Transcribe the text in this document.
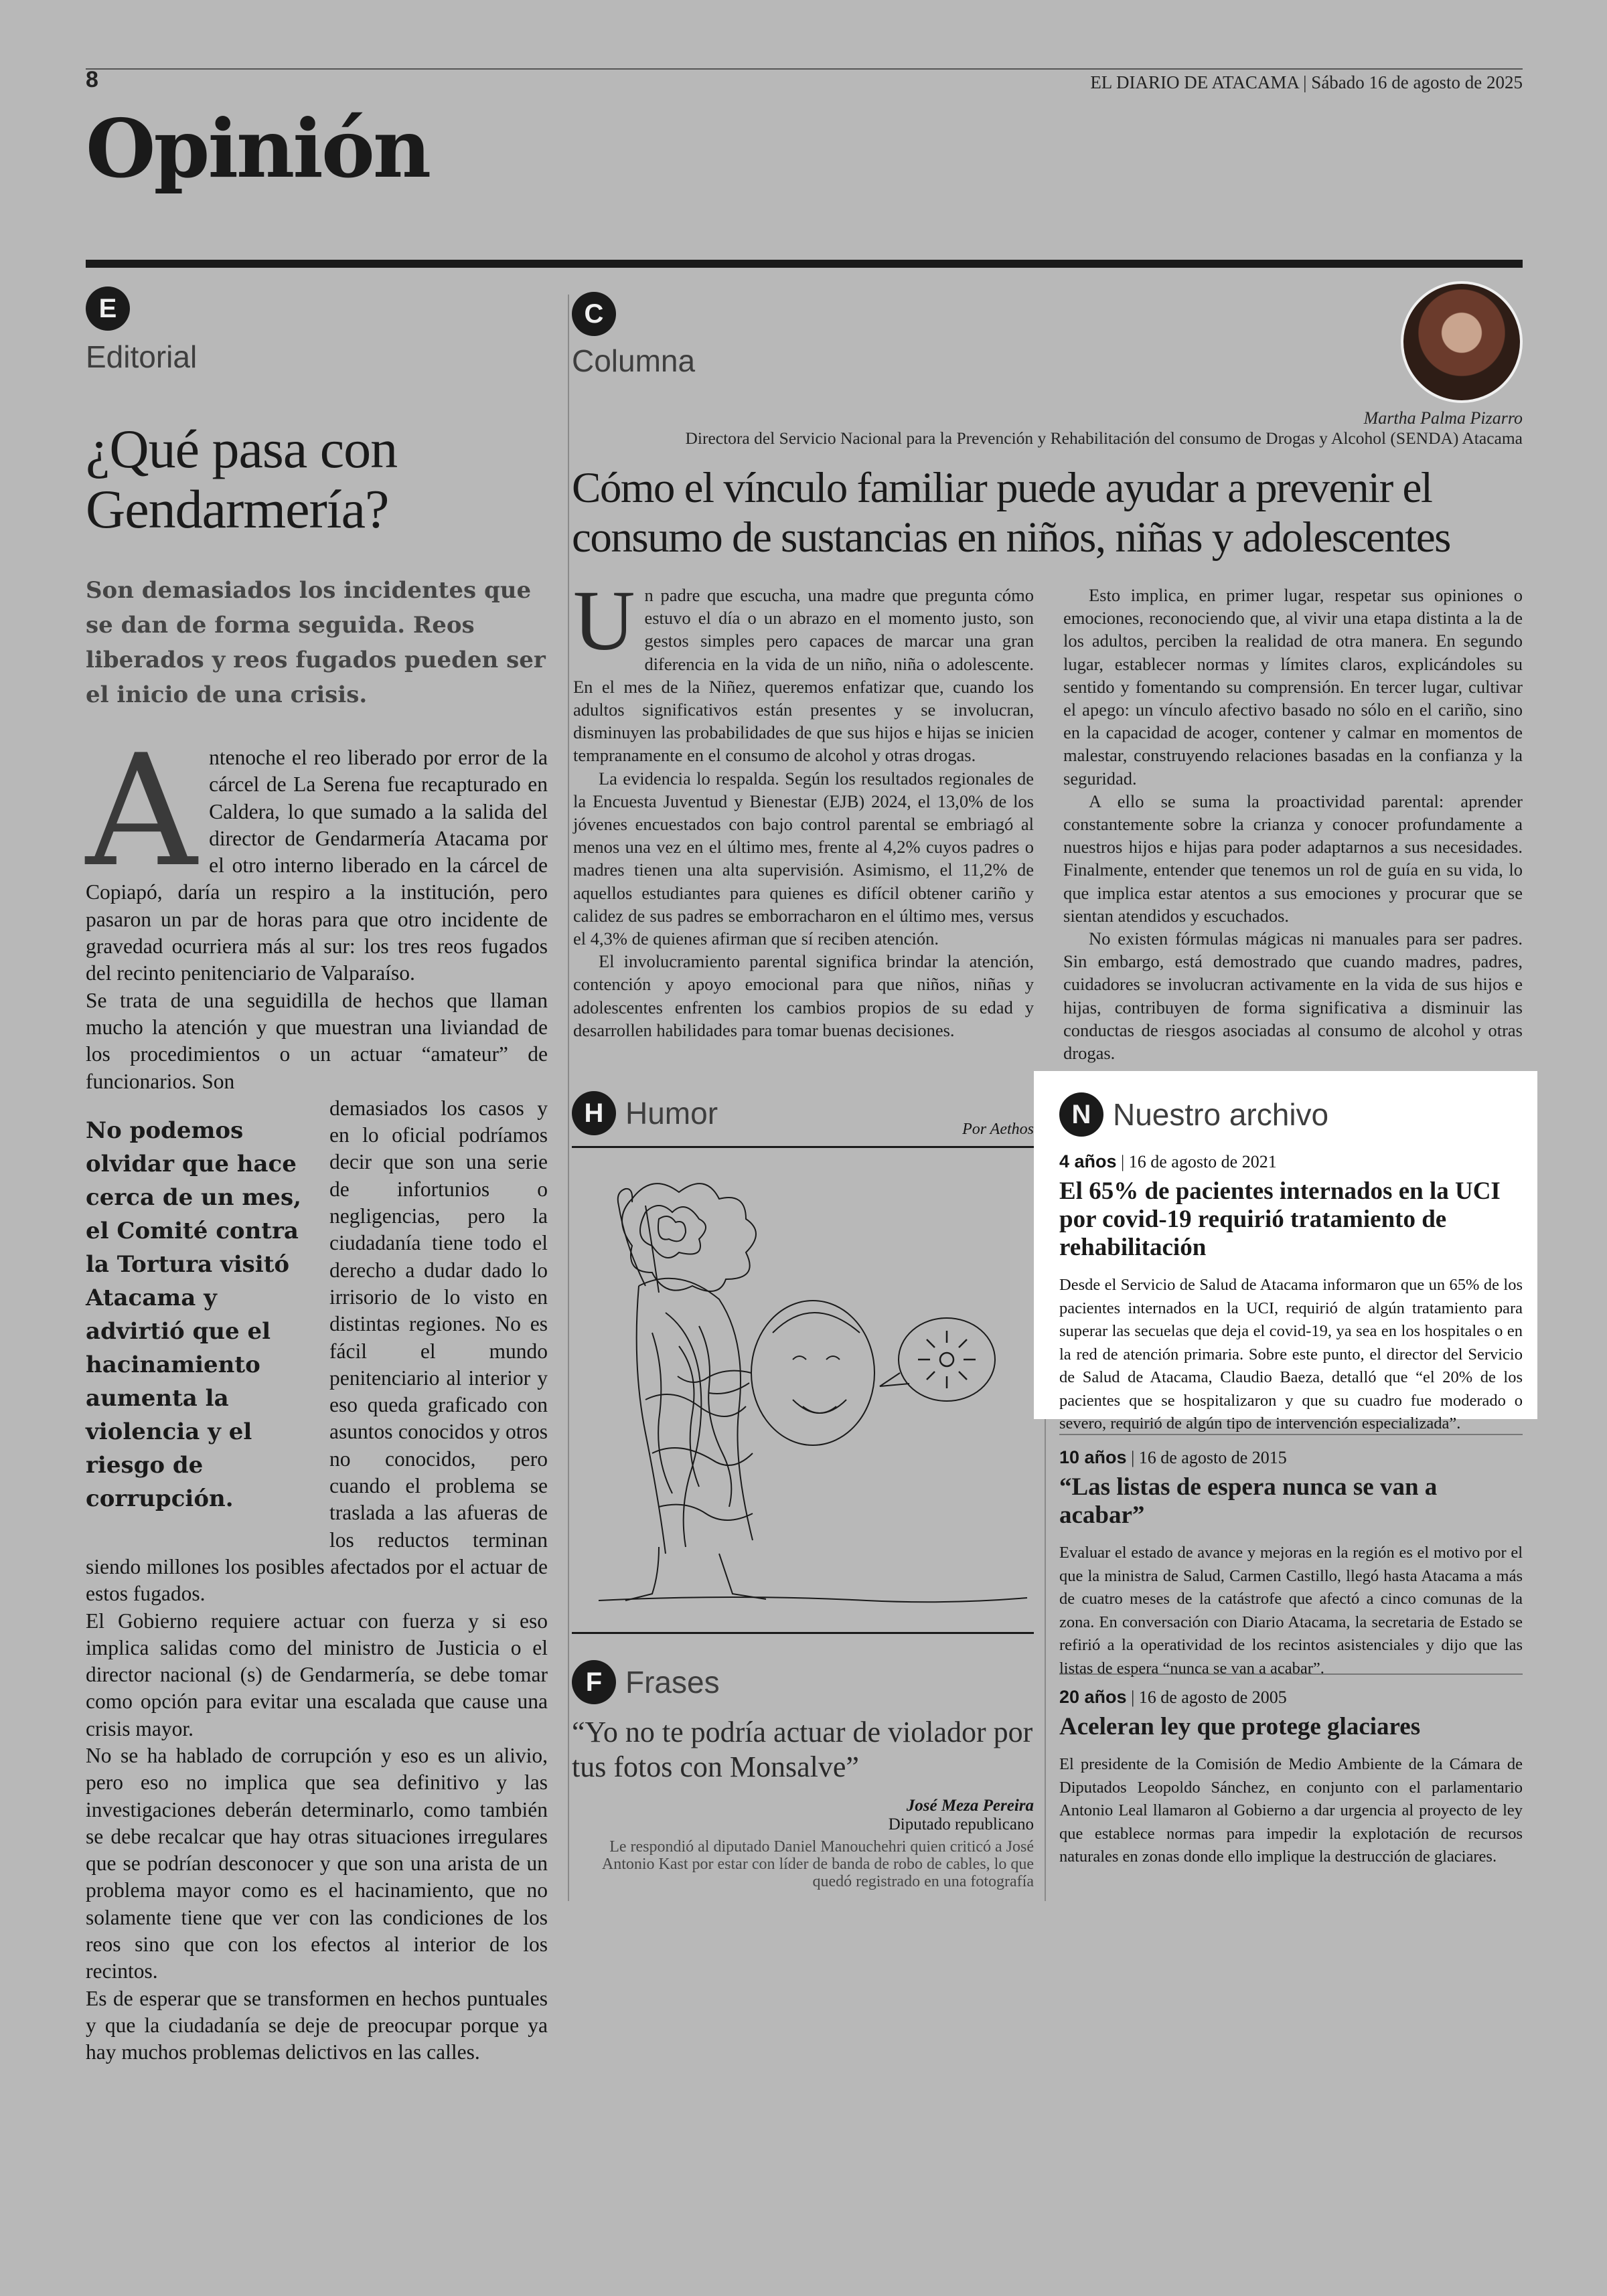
8	EL DIARIO DE ATACAMA | Sábado 16 de agosto de 2025
Opinión
E
Editorial
¿Qué pasa con Gendarmería?

Son demasiados los incidentes que se dan de forma seguida. Reos liberados y reos fugados pueden ser el inicio de una crisis.

Antenoche el reo liberado por error de la cárcel de La Serena fue recapturado en Caldera, lo que sumado a la salida del director de Gendarmería Atacama por el otro interno liberado en la cárcel de Copiapó, daría un respiro a la institución, pero pasaron un par de horas para que otro incidente de gravedad ocurriera más al sur: los tres reos fugados del recinto penitenciario de Valparaíso.

Se trata de una seguidilla de hechos que llaman mucho la atención y que muestran una liviandad de los procedimientos o un actuar “amateur” de funcionarios. Son

No podemos olvidar que hace cerca de un mes, el Comité contra la Tortura visitó Atacama y advirtió que el hacinamiento aumenta la violencia y el riesgo de corrupción.

demasiados los casos y en lo oficial podríamos decir que son una serie de infortunios o negligencias, pero la ciudadanía tiene todo el derecho a dudar dado lo irrisorio de lo visto en distintas regiones. No es fácil el mundo penitenciario al interior y eso queda graficado con asuntos conocidos y otros no conocidos, pero cuando el problema se traslada a las afueras de los reductos terminan siendo millones los posibles afectados por el actuar de estos fugados.

El Gobierno requiere actuar con fuerza y si eso implica salidas como del ministro de Justicia o el director nacional (s) de Gendarmería, se debe tomar como opción para evitar una escalada que cause una crisis mayor.

No se ha hablado de corrupción y eso es un alivio, pero eso no implica que sea definitivo y las investigaciones deberán determinarlo, como también se debe recalcar que hay otras situaciones irregulares que se podrían desconocer y que son una arista de un problema mayor como es el hacinamiento, que no solamente tiene que ver con las condiciones de los reos sino que con los efectos al interior de los recintos.

Es de esperar que se transformen en hechos puntuales y que la ciudadanía se deje de preocupar porque ya hay muchos problemas delictivos en las calles.

C
Columna
Martha Palma Pizarro
Directora del Servicio Nacional para la Prevención y Rehabilitación del consumo de Drogas y Alcohol (SENDA) Atacama
Cómo el vínculo familiar puede ayudar a prevenir el consumo de sustancias en niños, niñas y adolescentes

Un padre que escucha, una madre que pregunta cómo estuvo el día o un abrazo en el momento justo, son gestos simples pero capaces de marcar una gran diferencia en la vida de un niño, niña o adolescente. En el mes de la Niñez, queremos enfatizar que, cuando los adultos significativos están presentes y se involucran, disminuyen las probabilidades de que sus hijos e hijas se inicien tempranamente en el consumo de alcohol y otras drogas.

La evidencia lo respalda. Según los resultados regionales de la Encuesta Juventud y Bienestar (EJB) 2024, el 13,0% de los jóvenes encuestados con bajo control parental se embriagó al menos una vez en el último mes, frente al 4,2% cuyos padres o madres tienen una alta supervisión. Asimismo, el 11,2% de aquellos estudiantes para quienes es difícil obtener cariño y calidez de sus padres se emborracharon en el último mes, versus el 4,3% de quienes afirman que sí reciben atención.

El involucramiento parental significa brindar la atención, contención y apoyo emocional para que niños, niñas y adolescentes enfrenten los cambios propios de su edad y desarrollen habilidades para tomar buenas decisiones.

Esto implica, en primer lugar, respetar sus opiniones o emociones, reconociendo que, al vivir una etapa distinta a la de los adultos, perciben la realidad de otra manera. En segundo lugar, establecer normas y límites claros, explicándoles su sentido y fomentando su comprensión. En tercer lugar, cultivar el apego: un vínculo afectivo basado no sólo en el cariño, sino en la capacidad de acoger, contener y calmar en momentos de malestar, construyendo relaciones basadas en la confianza y la seguridad.

A ello se suma la proactividad parental: aprender constantemente sobre la crianza y conocer profundamente a nuestros hijos e hijas para poder adaptarnos a sus necesidades. Finalmente, entender que tenemos un rol de guía en su vida, lo que implica estar atentos a sus emociones y procurar que se sientan atendidos y escuchados.

No existen fórmulas mágicas ni manuales para ser padres. Sin embargo, está demostrado que cuando madres, padres, cuidadores se involucran activamente en la vida de sus hijos e hijas, contribuyen de forma significativa a disminuir las conductas de riesgos asociadas al consumo de alcohol y otras drogas.

H Humor	Por Aethos
F Frases

“Yo no te podría actuar de violador por tus fotos con Monsalve”

José Meza Pereira

Diputado republicano

Le respondió al diputado Daniel Manouchehri quien criticó a José Antonio Kast por estar con líder de banda de robo de cables, lo que quedó registrado en una fotografía

N Nuestro archivo

4 años | 16 de agosto de 2021

El 65% de pacientes internados en la UCI por covid-19 requirió tratamiento de rehabilitación

Desde el Servicio de Salud de Atacama informaron que un 65% de los pacientes internados en la UCI, requirió de algún tratamiento para superar las secuelas que deja el covid-19, ya sea en los hospitales o en la red de atención primaria. Sobre este punto, el director del Servicio de Salud de Atacama, Claudio Baeza, detalló que “el 20% de los pacientes que se hospitalizaron y que su cuadro fue moderado o severo, requirió de algún tipo de intervención especializada”.

10 años | 16 de agosto de 2015

“Las listas de espera nunca se van a acabar”

Evaluar el estado de avance y mejoras en la región es el motivo por el que la ministra de Salud, Carmen Castillo, llegó hasta Atacama a más de cuatro meses de la catástrofe que afectó a cinco comunas de la zona. En conversación con Diario Atacama, la secretaria de Estado se refirió a la operatividad de los recintos asistenciales y dijo que las listas de espera “nunca se van a acabar”.

20 años | 16 de agosto de 2005

Aceleran ley que protege glaciares

El presidente de la Comisión de Medio Ambiente de la Cámara de Diputados Leopoldo Sánchez, en conjunto con el parlamentario Antonio Leal llamaron al Gobierno a dar urgencia al proyecto de ley que establece normas para impedir la explotación de recursos naturales en zonas donde ello implique la destrucción de glaciares.
